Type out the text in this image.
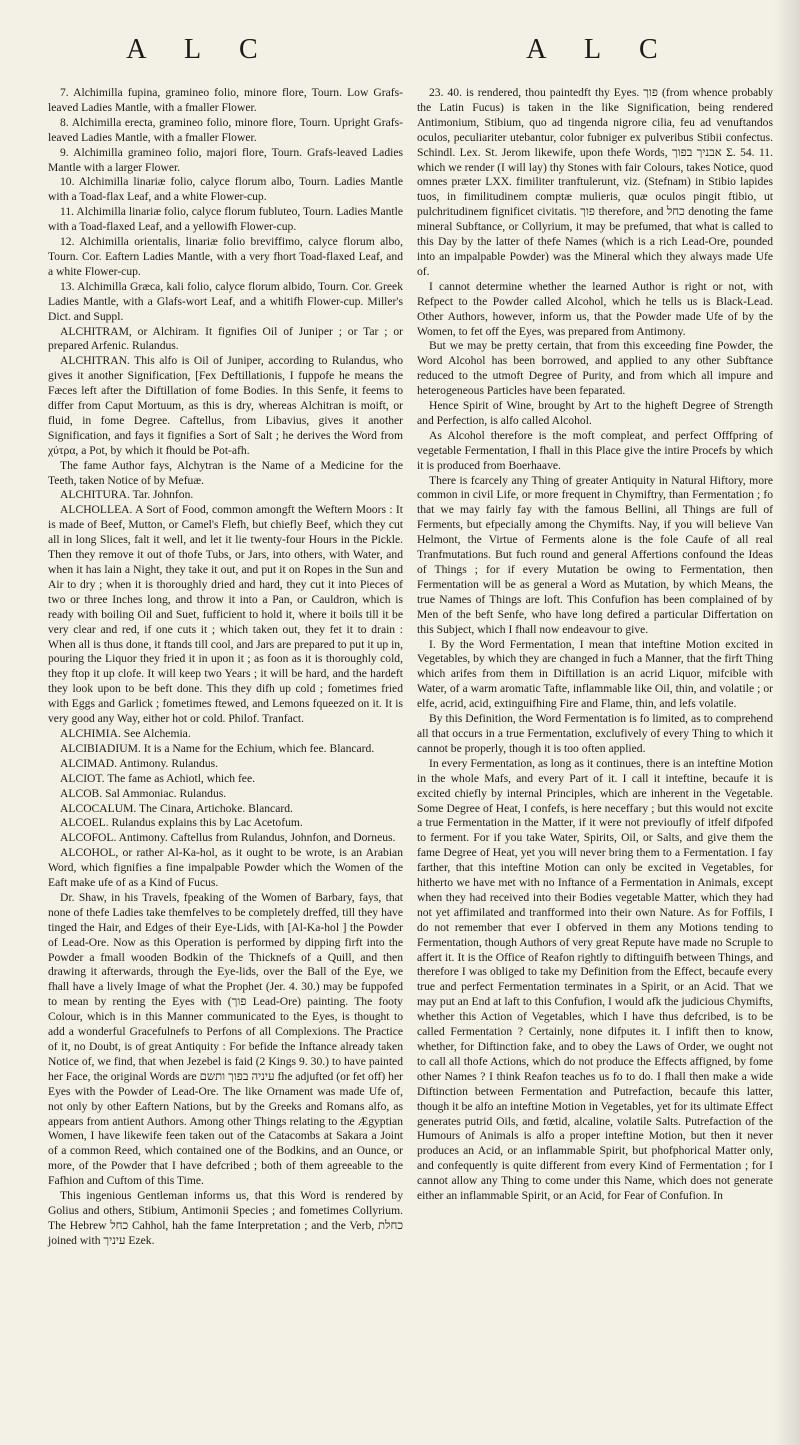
A L C	A L C

7. Alchimilla fupina, gramineo folio, minore flore, Tourn. Low Grafs-leaved Ladies Mantle, with a fmaller Flower.

8. Alchimilla erecta, gramineo folio, minore flore, Tourn. Upright Grafs-leaved Ladies Mantle, with a fmaller Flower.

9. Alchimilla gramineo folio, majori flore, Tourn. Grafs-leaved Ladies Mantle with a larger Flower.

10. Alchimilla linariæ folio, calyce florum albo, Tourn. Ladies Mantle with a Toad-flax Leaf, and a white Flower-cup.

11. Alchimilla linariæ folio, calyce florum fubluteo, Tourn. Ladies Mantle with a Toad-flaxed Leaf, and a yellowifh Flower-cup.

12. Alchimilla orientalis, linariæ folio breviffimo, calyce florum albo, Tourn. Cor. Eaftern Ladies Mantle, with a very fhort Toad-flaxed Leaf, and a white Flower-cup.

13. Alchimilla Græca, kali folio, calyce florum albido, Tourn. Cor. Greek Ladies Mantle, with a Glafs-wort Leaf, and a whitifh Flower-cup. Miller's Dict. and Suppl.

ALCHITRAM, or Alchiram. It fignifies Oil of Juniper ; or Tar ; or prepared Arfenic. Rulandus.

ALCHITRAN. This alfo is Oil of Juniper, according to Rulandus, who gives it another Signification, [Fex Deftillationis, I fuppofe he means the Fæces left after the Diftillation of fome Bodies. In this Senfe, it feems to differ from Caput Mortuum, as this is dry, whereas Alchitran is moift, or fluid, in fome Degree. Caftellus, from Libavius, gives it another Signification, and fays it fignifies a Sort of Salt ; he derives the Word from χύτρα, a Pot, by which it fhould be Pot-afh.

The fame Author fays, Alchytran is the Name of a Medicine for the Teeth, taken Notice of by Mefuæ.

ALCHITURA. Tar. Johnfon.

ALCHOLLEA. A Sort of Food, common amongft the Weftern Moors : It is made of Beef, Mutton, or Camel's Flefh, but chiefly Beef, which they cut all in long Slices, falt it well, and let it lie twenty-four Hours in the Pickle. Then they remove it out of thofe Tubs, or Jars, into others, with Water, and when it has lain a Night, they take it out, and put it on Ropes in the Sun and Air to dry ; when it is thoroughly dried and hard, they cut it into Pieces of two or three Inches long, and throw it into a Pan, or Cauldron, which is ready with boiling Oil and Suet, fufficient to hold it, where it boils till it be very clear and red, if one cuts it ; which taken out, they fet it to drain : When all is thus done, it ftands till cool, and Jars are prepared to put it up in, pouring the Liquor they fried it in upon it ; as foon as it is thoroughly cold, they ftop it up clofe. It will keep two Years ; it will be hard, and the hardeft they look upon to be beft done. This they difh up cold ; fometimes fried with Eggs and Garlick ; fometimes ftewed, and Lemons fqueezed on it. It is very good any Way, either hot or cold. Philof. Tranfact.

ALCHIMIA. See Alchemia.

ALCIBIADIUM. It is a Name for the Echium, which fee. Blancard.

ALCIMAD. Antimony. Rulandus.

ALCIOT. The fame as Achiotl, which fee.

ALCOB. Sal Ammoniac. Rulandus.

ALCOCALUM. The Cinara, Artichoke. Blancard.

ALCOEL. Rulandus explains this by Lac Acetofum.

ALCOFOL. Antimony. Caftellus from Rulandus, Johnfon, and Dorneus.

ALCOHOL, or rather Al-Ka-hol, as it ought to be wrote, is an Arabian Word, which fignifies a fine impalpable Powder which the Women of the Eaft make ufe of as a Kind of Fucus.

Dr. Shaw, in his Travels, fpeaking of the Women of Barbary, fays, that none of thefe Ladies take themfelves to be completely dreffed, till they have tinged the Hair, and Edges of their Eye-Lids, with [Al-Ka-hol ] the Powder of Lead-Ore. Now as this Operation is performed by dipping firft into the Powder a fmall wooden Bodkin of the Thicknefs of a Quill, and then drawing it afterwards, through the Eye-lids, over the Ball of the Eye, we fhall have a lively Image of what the Prophet (Jer. 4. 30.) may be fuppofed to mean by renting the Eyes with (פוך Lead-Ore) painting. The footy Colour, which is in this Manner communicated to the Eyes, is thought to add a wonderful Gracefulnefs to Perfons of all Complexions. The Practice of it, no Doubt, is of great Antiquity : For befide the Inftance already taken Notice of, we find, that when Jezebel is faid (2 Kings 9. 30.) to have painted her Face, the original Words are עיניה בפוך ותשם fhe adjufted (or fet off) her Eyes with the Powder of Lead-Ore. The like Ornament was made Ufe of, not only by other Eaftern Nations, but by the Greeks and Romans alfo, as appears from antient Authors. Among other Things relating to the Ægyptian Women, I have likewife feen taken out of the Catacombs at Sakara a Joint of a common Reed, which contained one of the Bodkins, and an Ounce, or more, of the Powder that I have defcribed ; both of them agreeable to the Fafhion and Cuftom of this Time.

This ingenious Gentleman informs us, that this Word is rendered by Golius and others, Stibium, Antimonii Species ; and fometimes Collyrium. The Hebrew כחל Cahhol, hah the fame Interpretation ; and the Verb, כחלת joined with עיניך Ezek.

23. 40. is rendered, thou paintedft thy Eyes. פוך (from whence probably the Latin Fucus) is taken in the like Signification, being rendered Antimonium, Stibium, quo ad tingenda nigrore cilia, feu ad venuftandos oculos, peculiariter utebantur, color fubniger ex pulveribus Stibii confectus. Schindl. Lex. St. Jerom likewife, upon thefe Words, אבניך בפוך Ʃ. 54. 11. which we render (I will lay) thy Stones with fair Colours, takes Notice, quod omnes præter LXX. fimiliter tranftulerunt, viz. (Stefnam) in Stibio lapides tuos, in fimilitudinem comptæ mulieris, quæ oculos pingit ftibio, ut pulchritudinem fignificet civitatis. פוך therefore, and כחל denoting the fame mineral Subftance, or Collyrium, it may be prefumed, that what is called to this Day by the latter of thefe Names (which is a rich Lead-Ore, pounded into an impalpable Powder) was the Mineral which they always made Ufe of.

I cannot determine whether the learned Author is right or not, with Refpect to the Powder called Alcohol, which he tells us is Black-Lead. Other Authors, however, inform us, that the Powder made Ufe of by the Women, to fet off the Eyes, was prepared from Antimony.

But we may be pretty certain, that from this exceeding fine Powder, the Word Alcohol has been borrowed, and applied to any other Subftance reduced to the utmoft Degree of Purity, and from which all impure and heterogeneous Particles have been feparated.

Hence Spirit of Wine, brought by Art to the higheft Degree of Strength and Perfection, is alfo called Alcohol.

As Alcohol therefore is the moft compleat, and perfect Offfpring of vegetable Fermentation, I fhall in this Place give the intire Procefs by which it is produced from Boerhaave.

There is fcarcely any Thing of greater Antiquity in Natural Hiftory, more common in civil Life, or more frequent in Chymiftry, than Fermentation ; fo that we may fairly fay with the famous Bellini, all Things are full of Ferments, but efpecially among the Chymifts. Nay, if you will believe Van Helmont, the Virtue of Ferments alone is the fole Caufe of all real Tranfmutations. But fuch round and general Affertions confound the Ideas of Things ; for if every Mutation be owing to Fermentation, then Fermentation will be as general a Word as Mutation, by which Means, the true Names of Things are loft. This Confufion has been complained of by Men of the beft Senfe, who have long defired a particular Differtation on this Subject, which I fhall now endeavour to give.

I. By the Word Fermentation, I mean that inteftine Motion excited in Vegetables, by which they are changed in fuch a Manner, that the firft Thing which arifes from them in Diftillation is an acrid Liquor, mifcible with Water, of a warm aromatic Tafte, inflammable like Oil, thin, and volatile ; or elfe, acrid, acid, extinguifhing Fire and Flame, thin, and lefs volatile.

By this Definition, the Word Fermentation is fo limited, as to comprehend all that occurs in a true Fermentation, exclufively of every Thing to which it cannot be properly, though it is too often applied.

In every Fermentation, as long as it continues, there is an inteftine Motion in the whole Mafs, and every Part of it. I call it inteftine, becaufe it is excited chiefly by internal Principles, which are inherent in the Vegetable. Some Degree of Heat, I confefs, is here neceffary ; but this would not excite a true Fermentation in the Matter, if it were not previoufly of itfelf difpofed to ferment. For if you take Water, Spirits, Oil, or Salts, and give them the fame Degree of Heat, yet you will never bring them to a Fermentation. I fay farther, that this inteftine Motion can only be excited in Vegetables, for hitherto we have met with no Inftance of a Fermentation in Animals, except when they had received into their Bodies vegetable Matter, which they had not yet affimilated and tranfformed into their own Nature. As for Foffils, I do not remember that ever I obferved in them any Motions tending to Fermentation, though Authors of very great Repute have made no Scruple to affert it. It is the Office of Reafon rightly to diftinguifh between Things, and therefore I was obliged to take my Definition from the Effect, becaufe every true and perfect Fermentation terminates in a Spirit, or an Acid. That we may put an End at laft to this Confufion, I would afk the judicious Chymifts, whether this Action of Vegetables, which I have thus defcribed, is to be called Fermentation ? Certainly, none difputes it. I infift then to know, whether, for Diftinction fake, and to obey the Laws of Order, we ought not to call all thofe Actions, which do not produce the Effects affigned, by fome other Names ? I think Reafon teaches us fo to do. I fhall then make a wide Diftinction between Fermentation and Putrefaction, becaufe this latter, though it be alfo an inteftine Motion in Vegetables, yet for its ultimate Effect generates putrid Oils, and fœtid, alcaline, volatile Salts. Putrefaction of the Humours of Animals is alfo a proper inteftine Motion, but then it never produces an Acid, or an inflammable Spirit, but phofphorical Matter only, and confequently is quite different from every Kind of Fermentation ; for I cannot allow any Thing to come under this Name, which does not generate either an inflammable Spirit, or an Acid, for Fear of Confufion. In
